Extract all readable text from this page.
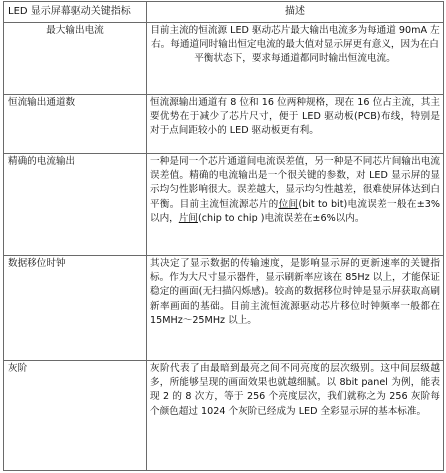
LED 显示屏幕驱动关键指标	描述
最大输出电流	目前主流的恒流源 LED 驱动芯片最大输出电流多为每通道 90mA 左右。每通道同时输出恒定电流的最大值对显示屏更有意义，因为在白平衡状态下，要求每通道都同时输出恒流电流。
恒流输出通道数	恒流源输出通道有 8 位和 16 位两种规格，现在 16 位占主流，其主要优势在于减少了芯片尺寸，便于 LED 驱动板(PCB)布线，特别是对于点间距较小的 LED 驱动板更有利。
精确的电流输出	一种是同一个芯片通道间电流误差值，另一种是不同芯片间输出电流误差值。精确的电流输出是一个很关键的参数，对 LED 显示屏的显示均匀性影响很大。误差越大，显示均匀性越差，很难使屏体达到白平衡。目前主流恒流源芯片的位间(bit to bit)电流误差一般在±3%以内，片间(chip to chip )电流误差在±6%以内。
数据移位时钟	其决定了显示数据的传输速度，是影响显示屏的更新速率的关键指标。作为大尺寸显示器件，显示刷新率应该在 85Hz 以上，才能保证稳定的画面(无扫描闪烁感)。较高的数据移位时钟是显示屏获取高刷新率画面的基础。目前主流恒流源驱动芯片移位时钟频率一般都在 15MHz～25MHz 以上。
灰阶	灰阶代表了由最暗到最亮之间不同亮度的层次级别。这中间层级越多，所能够呈现的画面效果也就越细腻。以 8bit panel 为例，能表现 2 的 8 次方，等于 256 个亮度层次，我们就称之为 256 灰阶每个颜色超过 1024 个灰阶已经成为 LED 全彩显示屏的基本标准。
